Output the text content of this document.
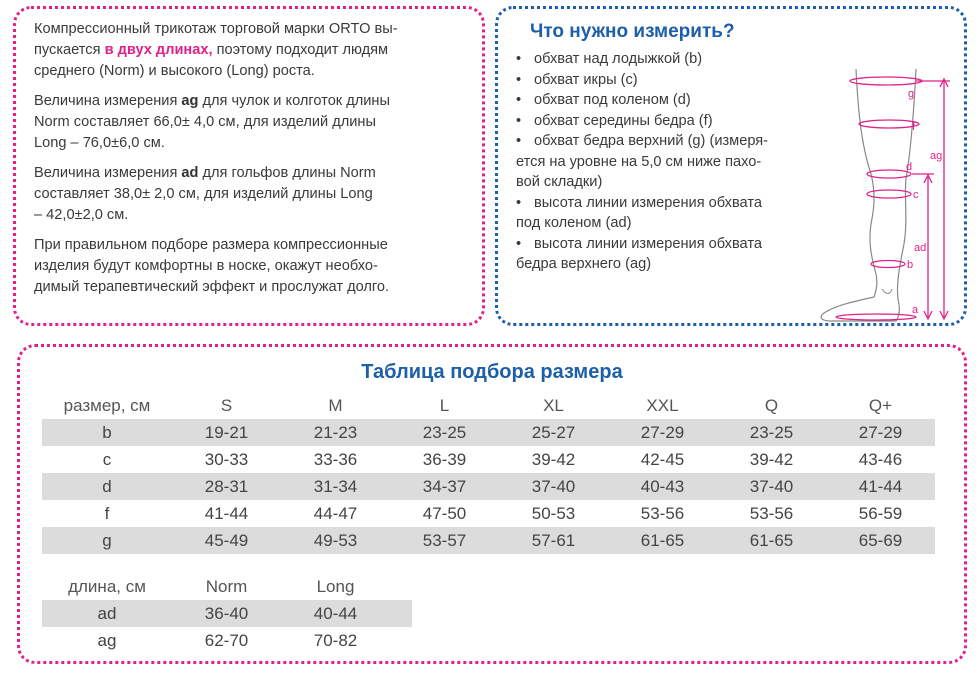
Компрессионный трикотаж торговой марки ORTO вы-
пускается в двух длинах, поэтому подходит людям
среднего (Norm) и высокого (Long) роста.

Величина измерения ag для чулок и колготок длины
Norm составляет 66,0± 4,0 см, для изделий длины
Long – 76,0±6,0 см.

Величина измерения ad для гольфов длины Norm
составляет 38,0± 2,0 см, для изделий длины Long
– 42,0±2,0 см.

При правильном подборе размера компрессионные
изделия будут комфортны в носке, окажут необхо-
димый терапевтический эффект и прослужат долго.

Что нужно измерить?
• обхват над лодыжкой (b)
• обхват икры (c)
• обхват под коленом (d)
• обхват середины бедра (f)
• обхват бедра верхний (g) (измеря-
ется на уровне на 5,0 см ниже пахо-
вой складки)
• высота линии измерения обхвата
под коленом (ad)
• высота линии измерения обхвата
бедра верхнего (ag)
g
f
d
c
b
a
ag
ad
Таблица подбора размера
размер, см	S	M	L	XL	XXL	Q	Q+
b	19-21	21-23	23-25	25-27	27-29	23-25	27-29
c	30-33	33-36	36-39	39-42	42-45	39-42	43-46
d	28-31	31-34	34-37	37-40	40-43	37-40	41-44
f	41-44	44-47	47-50	50-53	53-56	53-56	56-59
g	45-49	49-53	53-57	57-61	61-65	61-65	65-69
длина, см	Norm	Long
ad	36-40	40-44
ag	62-70	70-82
